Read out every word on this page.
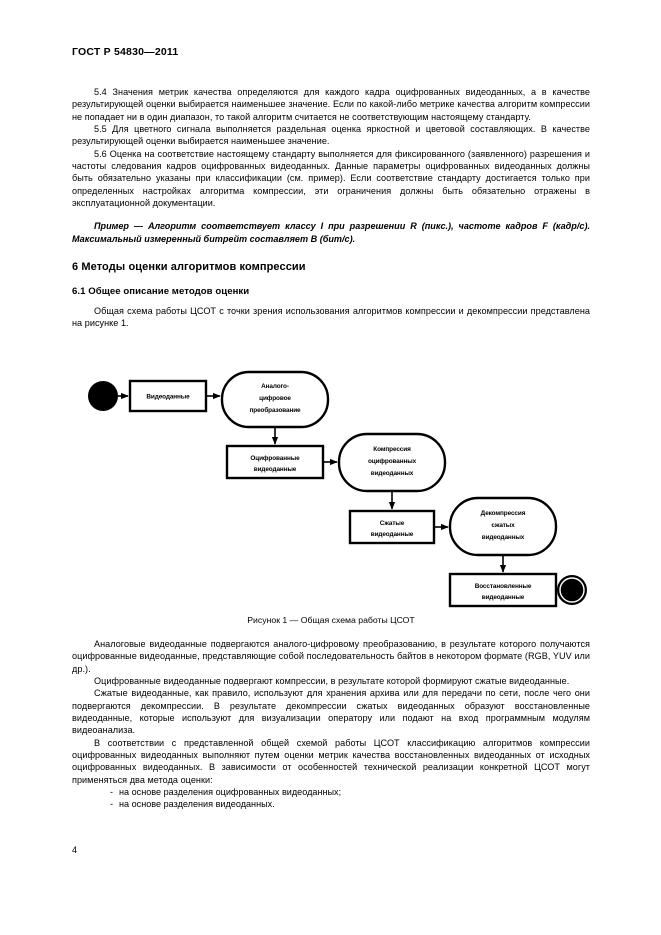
ГОСТ Р 54830—2011

5.4 Значения метрик качества определяются для каждого кадра оцифрованных видеоданных, а в качестве результирующей оценки выбирается наименьшее значение. Если по какой-либо метрике качества алгоритм компрессии не попадает ни в один диапазон, то такой алгоритм считается не соответствующим настоящему стандарту.

5.5 Для цветного сигнала выполняется раздельная оценка яркостной и цветовой составляющих. В качестве результирующей оценки выбирается наименьшее значение.

5.6 Оценка на соответствие настоящему стандарту выполняется для фиксированного (заявленного) разрешения и частоты следования кадров оцифрованных видеоданных. Данные параметры оцифрованных видеоданных должны быть обязательно указаны при классификации (см. пример). Если соответствие стандарту достигается только при определенных настройках алгоритма компрессии, эти ограничения должны быть обязательно отражены в эксплуатационной документации.

Пример — Алгоритм соответствует классу I при разрешении R (пикс.), частоте кадров F (кадр/с). Максимальный измеренный битрейт составляет B (бит/с).

6 Методы оценки алгоритмов компрессии
6.1 Общее описание методов оценки

Общая схема работы ЦСОТ с точки зрения использования алгоритмов компрессии и декомпрессии представлена на рисунке 1.

Видеоданные
Аналого-
цифровое
преобразование
Оцифрованные
видеоданные
Компрессия
оцифрованных
видеоданных
Сжатые
видеоданные
Декомпрессия
сжатых
видеоданных
Восстановленные
видеоданные
Рисунок 1 — Общая схема работы ЦСОТ

Аналоговые видеоданные подвергаются аналого-цифровому преобразованию, в результате которого получаются оцифрованные видеоданные, представляющие собой последовательность байтов в некотором формате (RGB, YUV или др.).

Оцифрованные видеоданные подвергают компрессии, в результате которой формируют сжатые видеоданные.

Сжатые видеоданные, как правило, используют для хранения архива или для передачи по сети, после чего они подвергаются декомпрессии. В результате декомпрессии сжатых видеоданных образуют восстановленные видеоданные, которые используют для визуализации оператору или подают на вход программным модулям видеоанализа.

В соответствии с представленной общей схемой работы ЦСОТ классификацию алгоритмов компрессии оцифрованных видеоданных выполняют путем оценки метрик качества восстановленных видеоданных от исходных оцифрованных видеоданных. В зависимости от особенностей технической реализации конкретной ЦСОТ могут применяться два метода оценки:

- на основе разделения оцифрованных видеоданных;
- на основе разделения видеоданных.
4
